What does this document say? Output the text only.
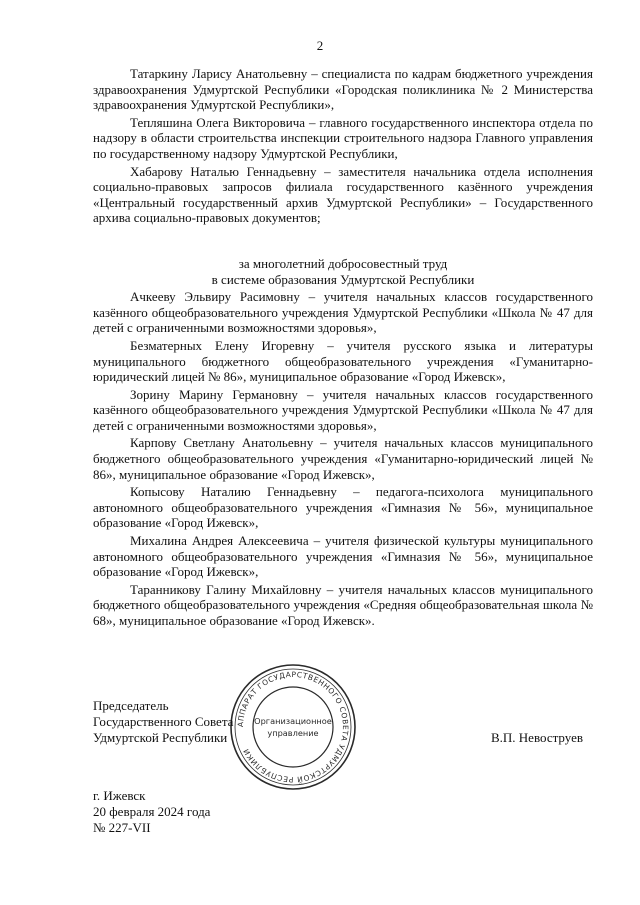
2

Татаркину Ларису Анатольевну – специалиста по кадрам бюджетного учреждения здравоохранения Удмуртской Республики «Городская поликлиника № 2 Министерства здравоохранения Удмуртской Республики»,

Тепляшина Олега Викторовича – главного государственного инспектора отдела по надзору в области строительства инспекции строительного надзора Главного управления по государственному надзору Удмуртской Республики,

Хабарову Наталью Геннадьевну – заместителя начальника отдела исполнения социально-правовых запросов филиала государственного казённого учреждения «Центральный государственный архив Удмуртской Республики» – Государственного архива социально-правовых документов;

за многолетний добросовестный труд
в системе образования Удмуртской Республики

Ачкееву Эльвиру Расимовну – учителя начальных классов государственного казённого общеобразовательного учреждения Удмуртской Республики «Школа № 47 для детей с ограниченными возможностями здоровья»,

Безматерных Елену Игоревну – учителя русского языка и литературы муниципального бюджетного общеобразовательного учреждения «Гуманитарно-юридический лицей № 86», муниципальное образование «Город Ижевск»,

Зорину Марину Германовну – учителя начальных классов государственного казённого общеобразовательного учреждения Удмуртской Республики «Школа № 47 для детей с ограниченными возможностями здоровья»,

Карпову Светлану Анатольевну – учителя начальных классов муниципального бюджетного общеобразовательного учреждения «Гуманитарно-юридический лицей № 86», муниципальное образование «Город Ижевск»,

Копысову Наталию Геннадьевну – педагога-психолога муниципального автономного общеобразовательного учреждения «Гимназия № 56», муниципальное образование «Город Ижевск»,

Михалина Андрея Алексеевича – учителя физической культуры муниципального автономного общеобразовательного учреждения «Гимназия № 56», муниципальное образование «Город Ижевск»,

Таранникову Галину Михайловну – учителя начальных классов муниципального бюджетного общеобразовательного учреждения «Средняя общеобразовательная школа № 68», муниципальное образование «Город Ижевск».

АППАРАТ ГОСУДАРСТВЕННОГО СОВЕТА УДМУРТСКОЙ РЕСПУБЛИКИ
Организационное
управление
Председатель
Государственного Совета
Удмуртской Республики	В.П. Невоструев
г. Ижевск
20 февраля 2024 года
№ 227-VII
